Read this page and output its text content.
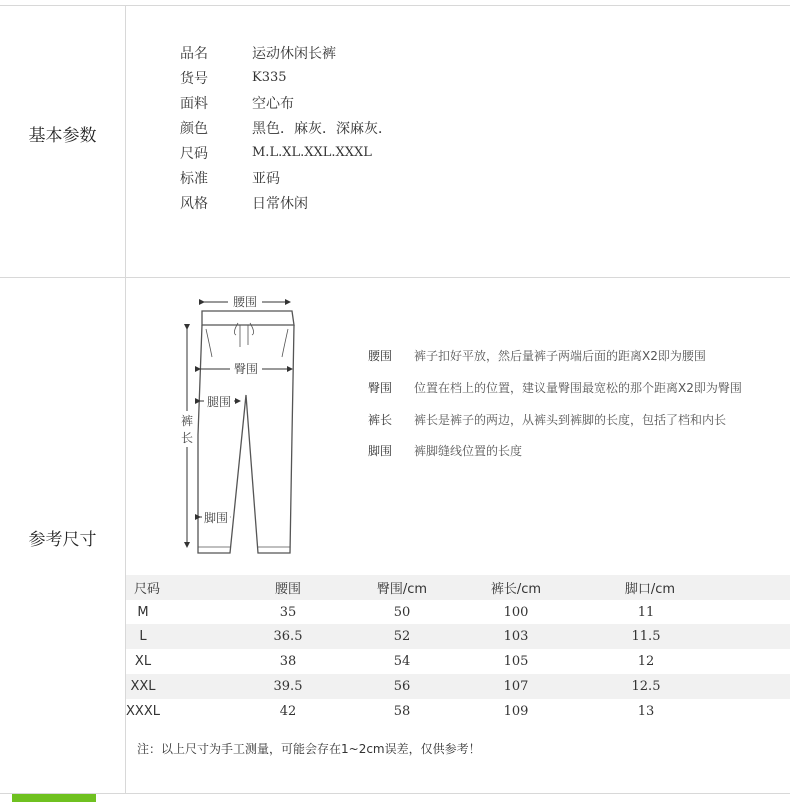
基本参数
参考尺寸
品名	运动休闲长裤
货号	K335
面料	空心布
颜色	黑色．麻灰．深麻灰．
尺码	M.L.XL.XXL.XXXL
标准	亚码
风格	日常休闲
腰围
臀围
腿围
裤
长
脚围
腰围	裤子扣好平放，然后量裤子两端后面的距离X2即为腰围
臀围	位置在档上的位置，建议量臀围最宽松的那个距离X2即为臀围
裤长	裤长是裤子的两边，从裤头到裤脚的长度，包括了档和内长
脚围	裤脚缝线位置的长度
尺码	腰围	臀围/cm	裤长/cm	脚口/cm
M	35	50	100	11
L	36.5	52	103	11.5
XL	38	54	105	12
XXL	39.5	56	107	12.5
XXXL	42	58	109	13
注：以上尺寸为手工测量，可能会存在1~2cm误差，仅供参考！
